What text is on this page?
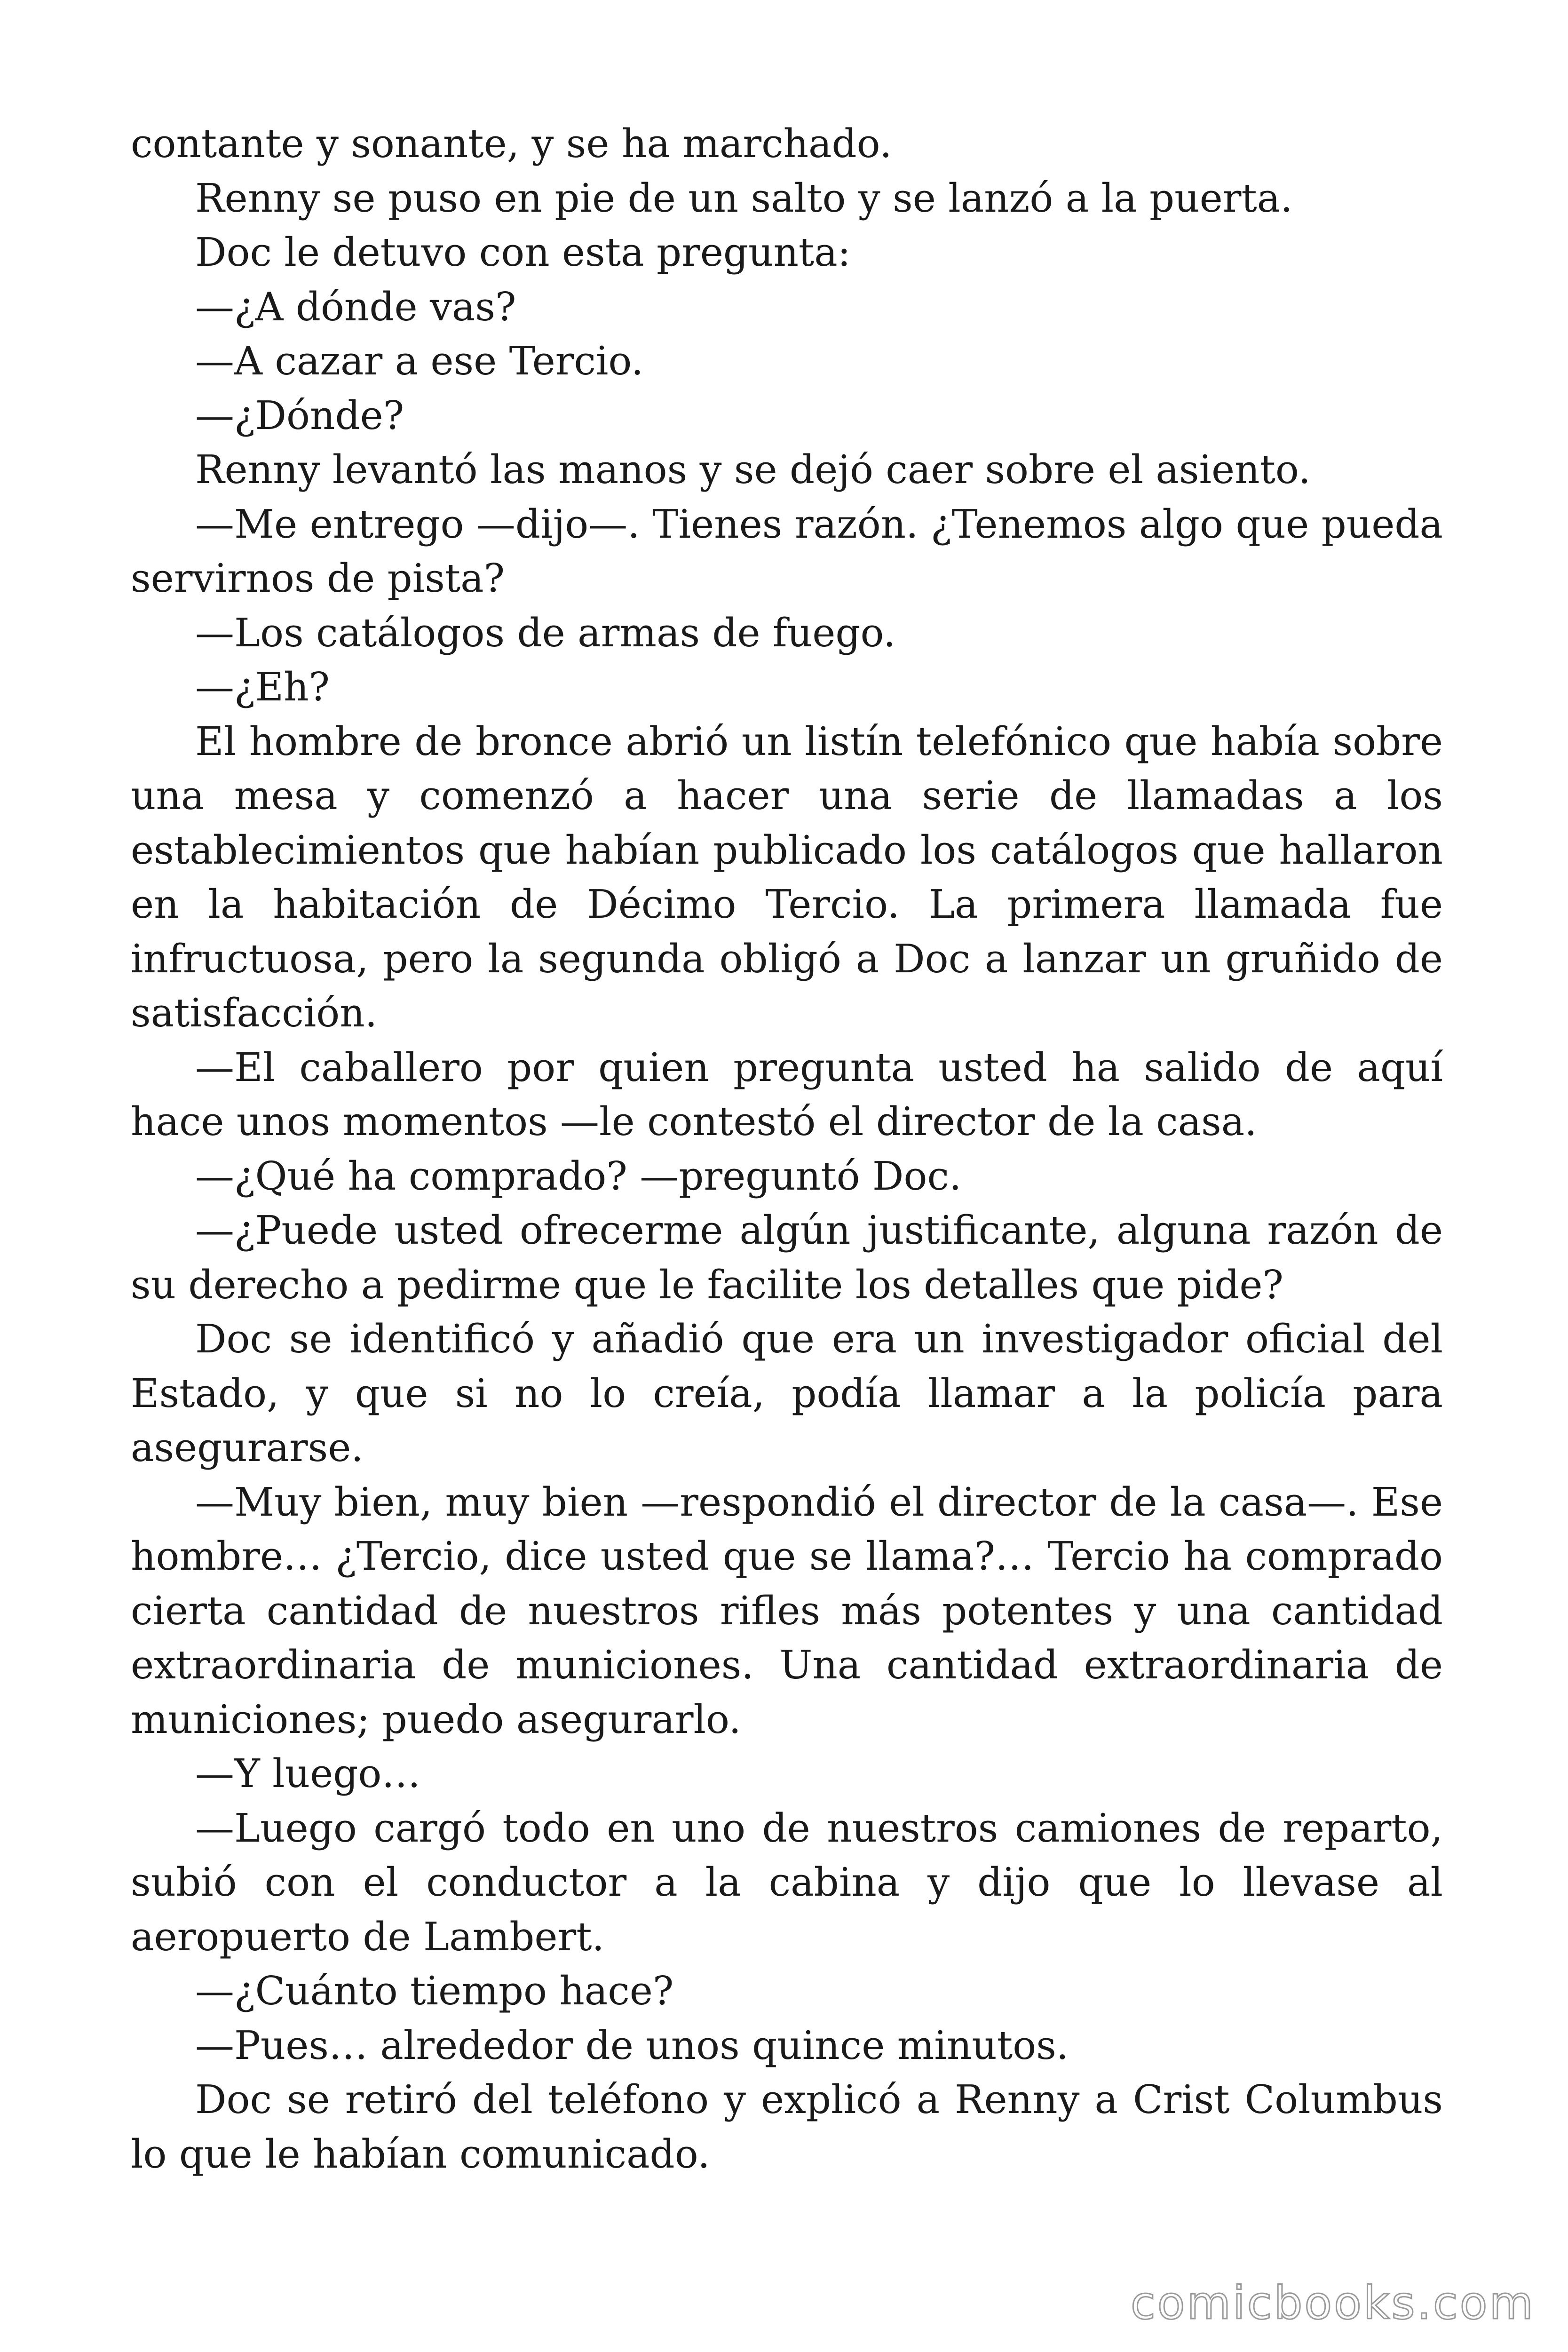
contante y sonante, y se ha marchado.

Renny se puso en pie de un salto y se lanzó a la puerta.

Doc le detuvo con esta pregunta:

—¿A dónde vas?

—A cazar a ese Tercio.

—¿Dónde?

Renny levantó las manos y se dejó caer sobre el asiento.

—Me entrego —dijo—. Tienes razón. ¿Tenemos algo que pueda servirnos de pista?

—Los catálogos de armas de fuego.

—¿Eh?

El hombre de bronce abrió un listín telefónico que había sobre una mesa y comenzó a hacer una serie de llamadas a los establecimientos que habían publicado los catálogos que hallaron en la habitación de Décimo Tercio. La primera llamada fue infructuosa, pero la segunda obligó a Doc a lanzar un gruñido de satisfacción.

—El caballero por quien pregunta usted ha salido de aquí hace unos momentos —le contestó el director de la casa.

—¿Qué ha comprado? —preguntó Doc.

—¿Puede usted ofrecerme algún justificante, alguna razón de su derecho a pedirme que le facilite los detalles que pide?

Doc se identificó y añadió que era un investigador oficial del Estado, y que si no lo creía, podía llamar a la policía para asegurarse.

—Muy bien, muy bien —respondió el director de la casa—. Ese hombre… ¿Tercio, dice usted que se llama?… Tercio ha comprado cierta cantidad de nuestros rifles más potentes y una cantidad extraordinaria de municiones. Una cantidad extraordinaria de municiones; puedo asegurarlo.

—Y luego…

—Luego cargó todo en uno de nuestros camiones de reparto, subió con el conductor a la cabina y dijo que lo llevase al aeropuerto de Lambert.

—¿Cuánto tiempo hace?

—Pues… alrededor de unos quince minutos.

Doc se retiró del teléfono y explicó a Renny a Crist Columbus lo que le habían comunicado.

comicbooks.com
